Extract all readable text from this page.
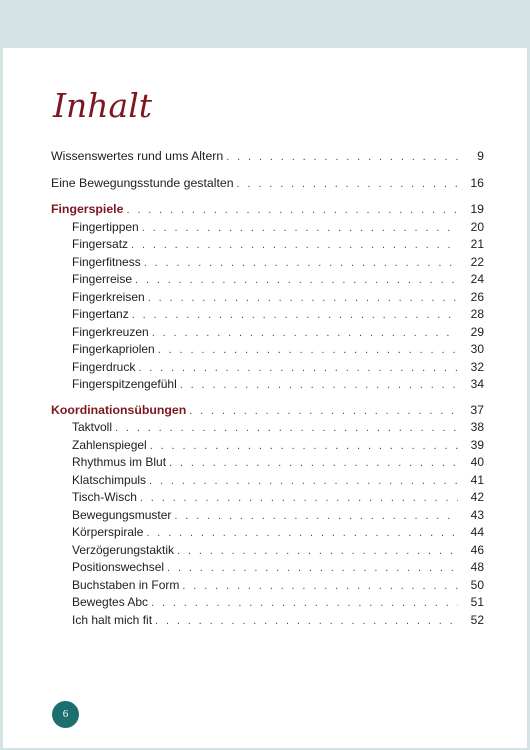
Inhalt
Wissenswertes rund ums Altern . . .	9
Eine Bewegungsstunde gestalten . . .	16
Fingerspiele . . .	19
Fingertippen . . .	20
Fingersatz . . .	21
Fingerfitness . . .	22
Fingerreise . . .	24
Fingerkreisen . . .	26
Fingertanz . . .	28
Fingerkreuzen . . .	29
Fingerkapriolen . . .	30
Fingerdruck . . .	32
Fingerspitzengefühl . . .	34
Koordinationsübungen . . .	37
Taktvoll . . .	38
Zahlenspiegel . . .	39
Rhythmus im Blut . . .	40
Klatschimpuls . . .	41
Tisch-Wisch . . .	42
Bewegungsmuster . . .	43
Körperspirale . . .	44
Verzögerungstaktik . . .	46
Positionswechsel . . .	48
Buchstaben in Form . . .	50
Bewegtes Abc . . .	51
Ich halt mich fit . . .	52
6
